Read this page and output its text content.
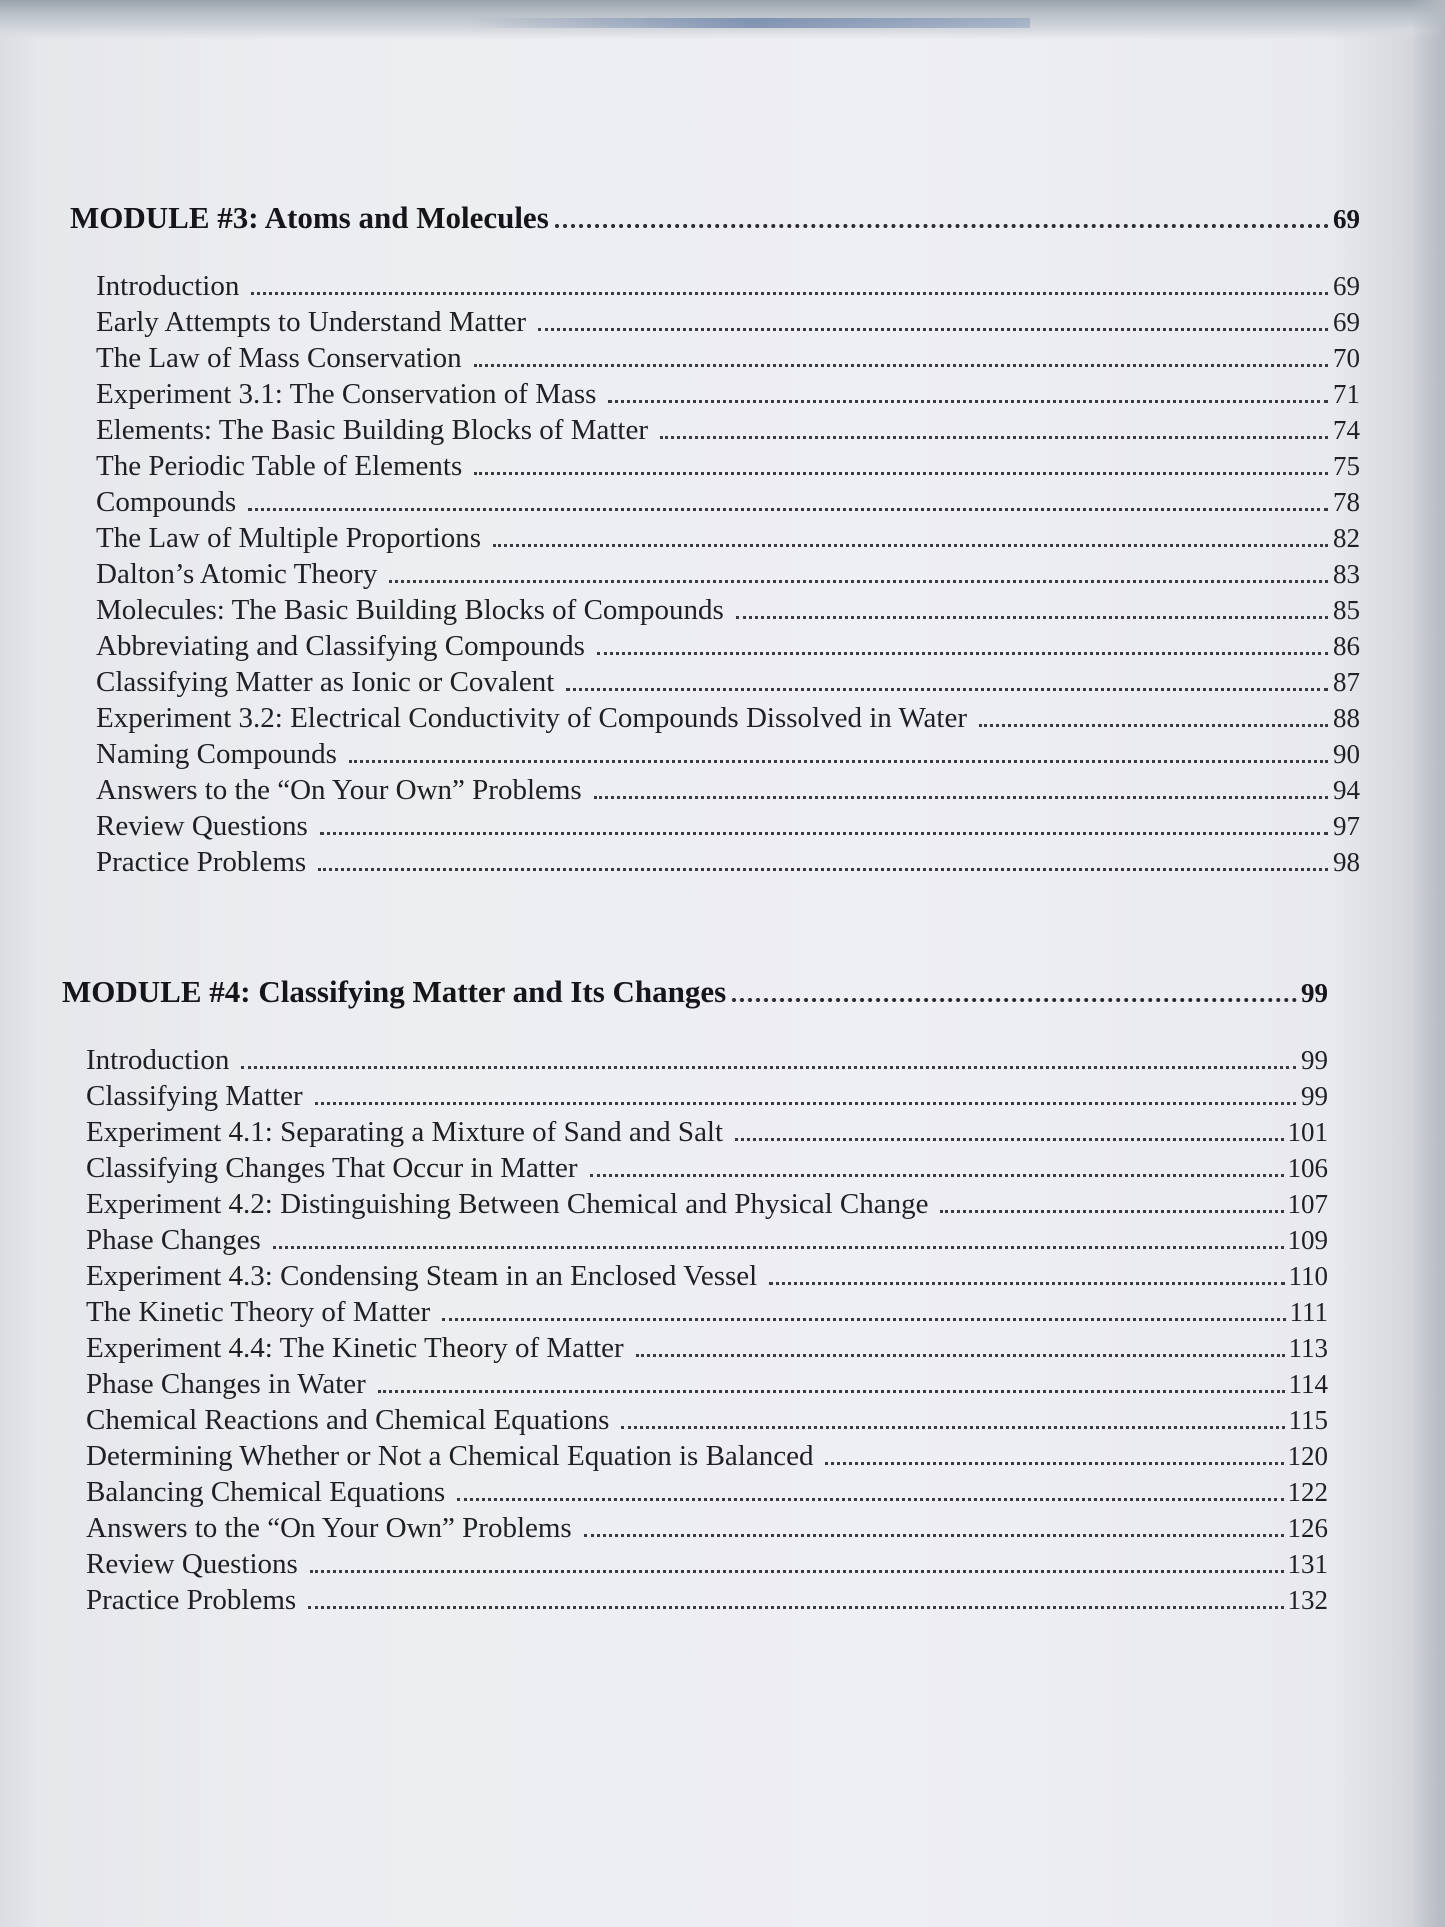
MODULE #3: Atoms and Molecules	69
Introduction	69
Early Attempts to Understand Matter	69
The Law of Mass Conservation	70
Experiment 3.1: The Conservation of Mass	71
Elements: The Basic Building Blocks of Matter	74
The Periodic Table of Elements	75
Compounds	78
The Law of Multiple Proportions	82
Dalton’s Atomic Theory	83
Molecules: The Basic Building Blocks of Compounds	85
Abbreviating and Classifying Compounds	86
Classifying Matter as Ionic or Covalent	87
Experiment 3.2: Electrical Conductivity of Compounds Dissolved in Water	88
Naming Compounds	90
Answers to the “On Your Own” Problems	94
Review Questions	97
Practice Problems	98
MODULE #4: Classifying Matter and Its Changes	99
Introduction	99
Classifying Matter	99
Experiment 4.1: Separating a Mixture of Sand and Salt	101
Classifying Changes That Occur in Matter	106
Experiment 4.2: Distinguishing Between Chemical and Physical Change	107
Phase Changes	109
Experiment 4.3: Condensing Steam in an Enclosed Vessel	110
The Kinetic Theory of Matter	111
Experiment 4.4: The Kinetic Theory of Matter	113
Phase Changes in Water	114
Chemical Reactions and Chemical Equations	115
Determining Whether or Not a Chemical Equation is Balanced	120
Balancing Chemical Equations	122
Answers to the “On Your Own” Problems	126
Review Questions	131
Practice Problems	132
